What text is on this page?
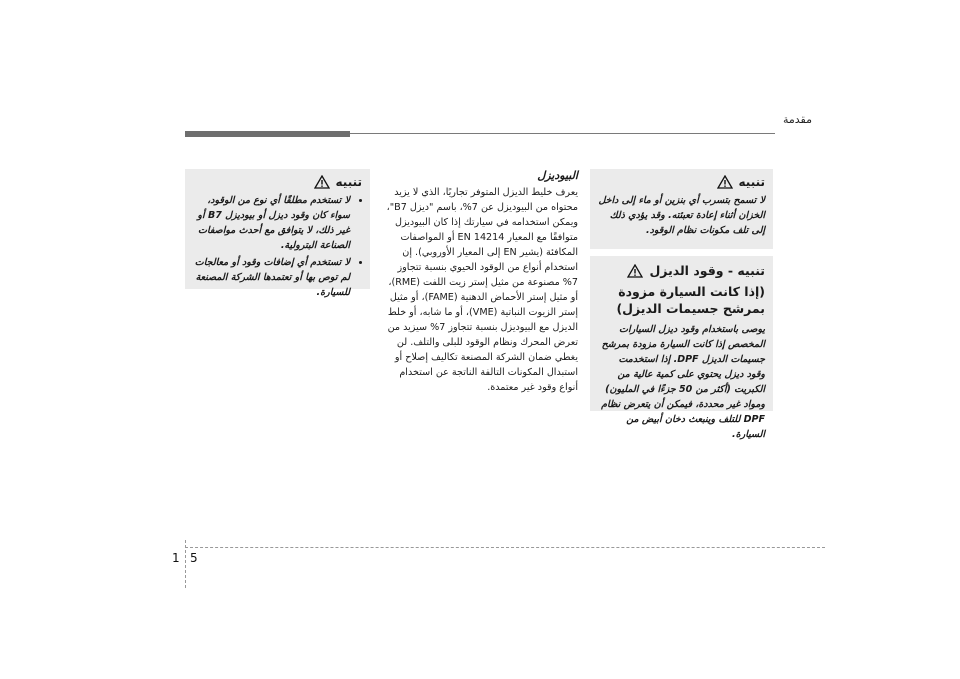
مقدمة
تنبيه
لا تسمح بتسرب أي بنزين أو ماء إلى داخل الخزان أثناء إعادة تعبئته. وقد يؤدي ذلك إلى تلف مكونات نظام الوقود.
تنبيه - وقود الديزل
(إذا كانت السيارة مزودة بمرشح جسيمات الديزل)
يوصى باستخدام وقود ديزل السيارات المخصص إذا كانت السيارة مزودة بمرشح جسيمات الديزل DPF. إذا استخدمت وقود ديزل يحتوي على كمية عالية من الكبريت (أكثر من 50 جزءًا في المليون) ومواد غير محددة، فيمكن أن يتعرض نظام DPF للتلف وينبعث دخان أبيض من السيارة.
البيوديزل
يعرف خليط الديزل المتوفر تجاريًا، الذي لا يزيد محتواه من البيوديزل عن 7%، باسم "ديزل B7"، ويمكن استخدامه في سيارتك إذا كان البيوديزل متوافقًا مع المعيار EN 14214 أو المواصفات المكافئة (يشير EN إلى المعيار الأوروبي). إن استخدام أنواع من الوقود الحيوي بنسبة تتجاوز 7% مصنوعة من مثيل إستر زيت اللفت (RME)، أو مثيل إستر الأحماض الدهنية (FAME)، أو مثيل إستر الزيوت النباتية (VME)، أو ما شابه، أو خلط الديزل مع البيوديزل بنسبة تتجاوز 7% سيزيد من تعرض المحرك ونظام الوقود للبلى والتلف. لن يغطي ضمان الشركة المصنعة تكاليف إصلاح أو استبدال المكونات التالفة الناتجة عن استخدام أنواع وقود غير معتمدة.
تنبيه
• لا تستخدم مطلقًا أي نوع من الوقود، سواء كان وقود ديزل أو بيوديزل B7 أو غير ذلك، لا يتوافق مع أحدث مواصفات الصناعة البترولية.
• لا تستخدم أي إضافات وقود أو معالجات لم توص بها أو تعتمدها الشركة المصنعة للسيارة.
1 5
